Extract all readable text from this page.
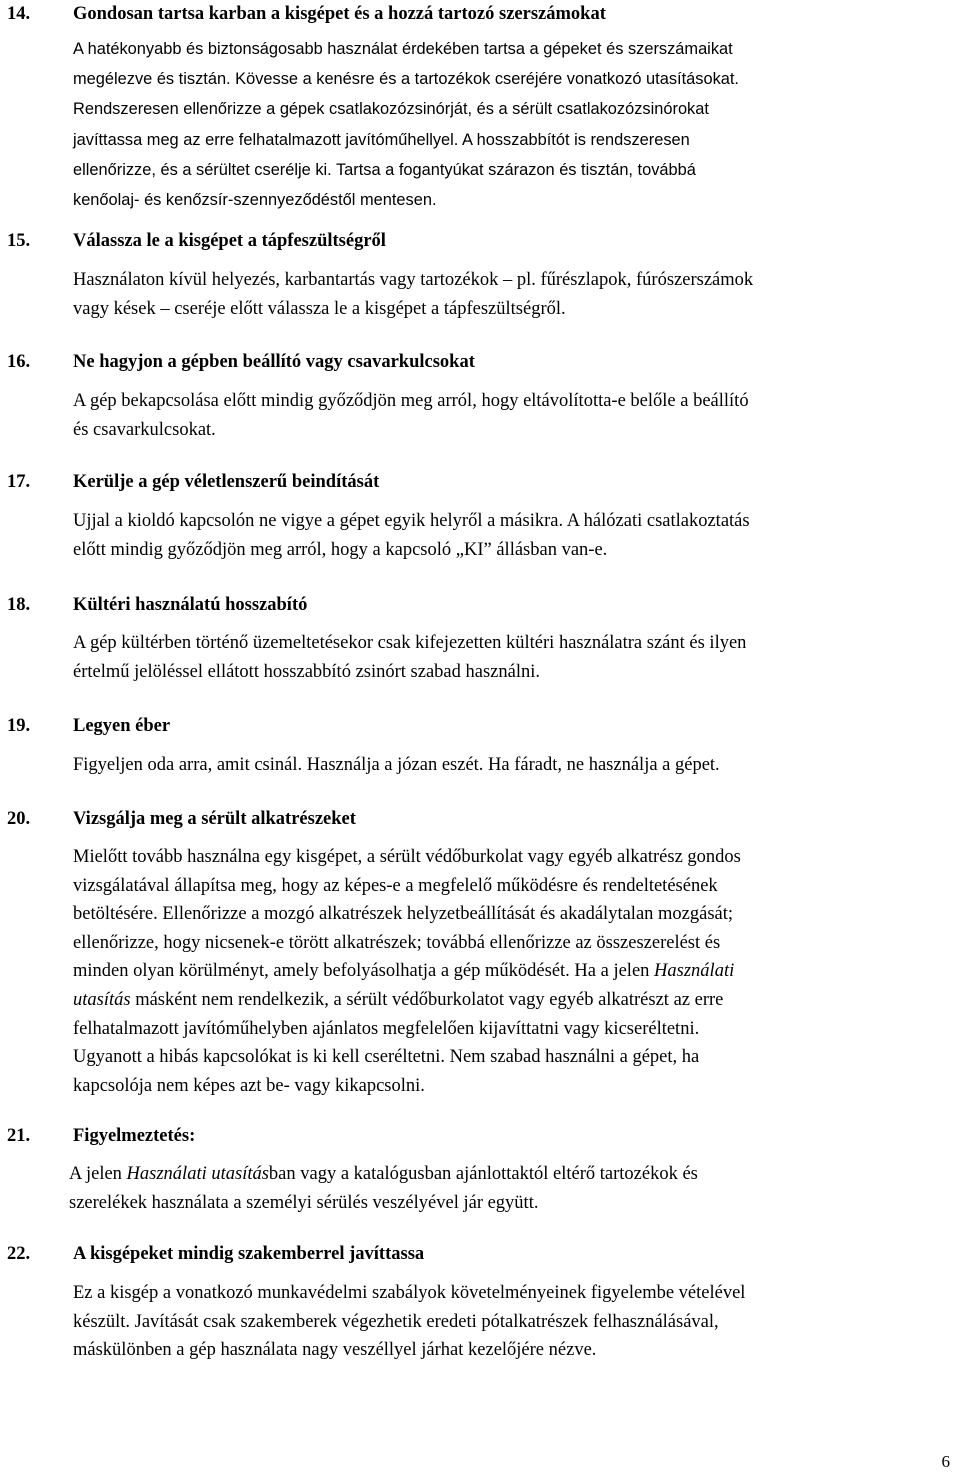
14. Gondosan tartsa karban a kisgépet és a hozzá tartozó szerszámokat
A hatékonyabb és biztonságosabb használat érdekében tartsa a gépeket és szerszámaikat
megélezve és tisztán. Kövesse a kenésre és a tartozékok cseréjére vonatkozó utasításokat.
Rendszeresen ellenőrizze a gépek csatlakozózsinórját, és a sérült csatlakozózsinórokat
javíttassa meg az erre felhatalmazott javítóműhellyel. A hosszabbítót is rendszeresen
ellenőrizze, és a sérültet cserélje ki. Tartsa a fogantyúkat szárazon és tisztán, továbbá
kenőolaj- és kenőzsír-szennyeződéstől mentesen.
15. Válassza le a kisgépet a tápfeszültségről
Használaton kívül helyezés, karbantartás vagy tartozékok – pl. fűrészlapok, fúrószerszámok
vagy kések – cseréje előtt válassza le a kisgépet a tápfeszültségről.
16. Ne hagyjon a gépben beállító vagy csavarkulcsokat
A gép bekapcsolása előtt mindig győződjön meg arról, hogy eltávolította-e belőle a beállító
és csavarkulcsokat.
17. Kerülje a gép véletlenszerű beindítását
Ujjal a kioldó kapcsolón ne vigye a gépet egyik helyről a másikra. A hálózati csatlakoztatás
előtt mindig győződjön meg arról, hogy a kapcsoló „KI” állásban van-e.
18. Kültéri használatú hosszabító
A gép kültérben történő üzemeltetésekor csak kifejezetten kültéri használatra szánt és ilyen
értelmű jelöléssel ellátott hosszabbító zsinórt szabad használni.
19. Legyen éber
Figyeljen oda arra, amit csinál. Használja a józan eszét. Ha fáradt, ne használja a gépet.
20. Vizsgálja meg a sérült alkatrészeket
Mielőtt tovább használna egy kisgépet, a sérült védőburkolat vagy egyéb alkatrész gondos
vizsgálatával állapítsa meg, hogy az képes-e a megfelelő működésre és rendeltetésének
betöltésére. Ellenőrizze a mozgó alkatrészek helyzetbeállítását és akadálytalan mozgását;
ellenőrizze, hogy nicsenek-e törött alkatrészek; továbbá ellenőrizze az összeszerelést és
minden olyan körülményt, amely befolyásolhatja a gép működését. Ha a jelen Használati
utasítás másként nem rendelkezik, a sérült védőburkolatot vagy egyéb alkatrészt az erre
felhatalmazott javítóműhelyben ajánlatos megfelelően kijavíttatni vagy kicseréltetni.
Ugyanott a hibás kapcsolókat is ki kell cseréltetni. Nem szabad használni a gépet, ha
kapcsolója nem képes azt be- vagy kikapcsolni.
21. Figyelmeztetés:
A jelen Használati utasításban vagy a katalógusban ajánlottaktól eltérő tartozékok és
szerelékek használata a személyi sérülés veszélyével jár együtt.
22. A kisgépeket mindig szakemberrel javíttassa
Ez a kisgép a vonatkozó munkavédelmi szabályok követelményeinek figyelembe vételével
készült. Javítását csak szakemberek végezhetik eredeti pótalkatrészek felhasználásával,
máskülönben a gép használata nagy veszéllyel járhat kezelőjére nézve.
6
